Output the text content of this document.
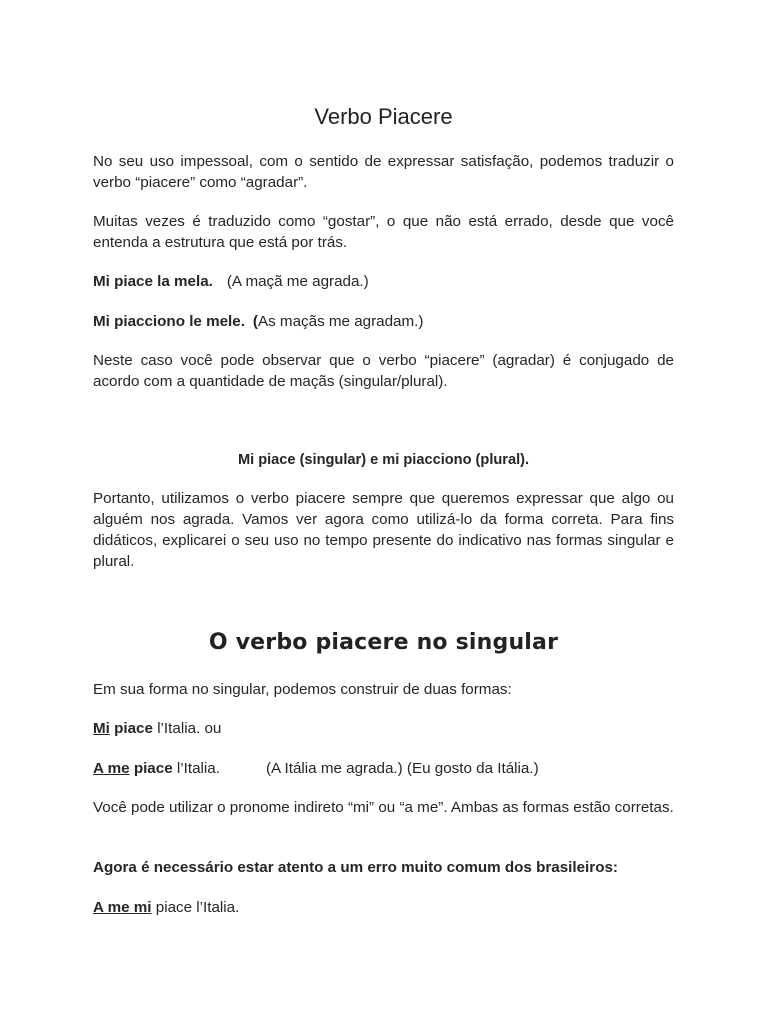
Verbo Piacere

No seu uso impessoal, com o sentido de expressar satisfação, podemos traduzir o verbo “piacere” como “agradar”.

Muitas vezes é traduzido como “gostar”, o que não está errado, desde que você entenda a estrutura que está por trás.

Mi piace la mela. (A maçã me agrada.)

Mi piacciono le mele. (As maçãs me agradam.)

Neste caso você pode observar que o verbo “piacere” (agradar) é conjugado de acordo com a quantidade de maçãs (singular/plural).

Mi piace (singular) e mi piacciono (plural).

Portanto, utilizamos o verbo piacere sempre que queremos expressar que algo ou alguém nos agrada. Vamos ver agora como utilizá-lo da forma correta. Para fins didáticos, explicarei o seu uso no tempo presente do indicativo nas formas singular e plural.

O verbo piacere no singular

Em sua forma no singular, podemos construir de duas formas:

Mi piace l’Italia. ou

A me piace l’Italia.	(A Itália me agrada.) (Eu gosto da Itália.)

Você pode utilizar o pronome indireto “mi” ou “a me”. Ambas as formas estão corretas.

Agora é necessário estar atento a um erro muito comum dos brasileiros:

A me mi piace l’Italia.
